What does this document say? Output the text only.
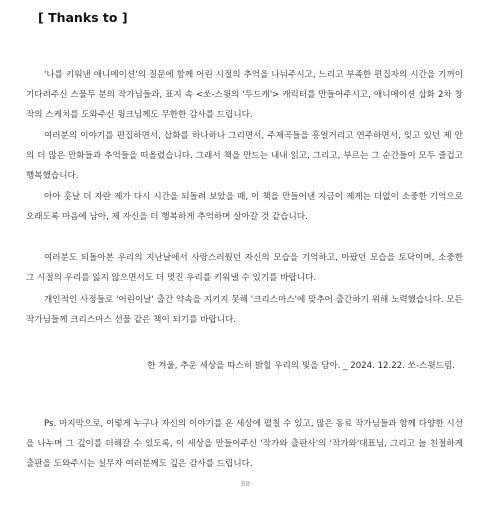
[ Thanks to ]

'나를 키워낸 애니메이션'의 질문에 함께 어린 시절의 추억을 나눠주시고, 느리고 부족한 편집자의 시간을 기꺼이 기다려주신 스물두 분의 작가님들과, 표지 속 <쏘-스윗의 '두드캐'> 캐릭터를 만들어주시고, 애니메이션 삽화 2차 창작의 스케치를 도와주신 윙크님께도 무한한 감사를 드립니다.

여러분의 이야기를 편집하면서, 삽화를 하나하나 그리면서, 주제곡들을 흥얼거리고 연주하면서, 잊고 있던 제 안의 더 많은 만화들과 추억들을 떠올렸습니다. 그래서 책을 만드는 내내 읽고, 그리고, 부르는 그 순간들이 모두 즐겁고 행복했습니다.

아아 훗날 더 자란 제가 다시 시간을 되돌려 보았을 때, 이 책을 만들어낸 지금이 제게는 더없이 소중한 기억으로 오래도록 마음에 남아, 제 자신을 더 행복하게 추억하며 살아갈 것 같습니다.

여러분도 되돌아본 우리의 지난날에서 사랑스러웠던 자신의 모습을 기억하고, 아팠던 모습을 토닥이며, 소중한 그 시절의 우리를 잃지 않으면서도 더 멋진 우리를 키워낼 수 있기를 바랍니다.

개인적인 사정들로 '어린이날' 출간 약속을 지키지 못해 '크리스마스'에 맞추어 출간하기 위해 노력했습니다. 모든 작가님들께 크리스마스 선물 같은 책이 되기를 바랍니다.

한 겨울, 추운 세상을 따스히 밝힐 우리의 빛을 담아. _ 2024. 12.22. 쏘-스윗드림.

Ps. 마지막으로, 이렇게 누구나 자신의 이야기를 온 세상에 펼칠 수 있고, 많은 동료 작가님들과 함께 다양한 시선을 나누며 그 깊이를 더해갈 수 있도록, 이 세상을 만들어주신 '작가와 출판사'의 '작가와'대표님, 그리고 늘 친절하게 출판을 도와주시는 실무자 여러분께도 깊은 감사를 드립니다.

68
